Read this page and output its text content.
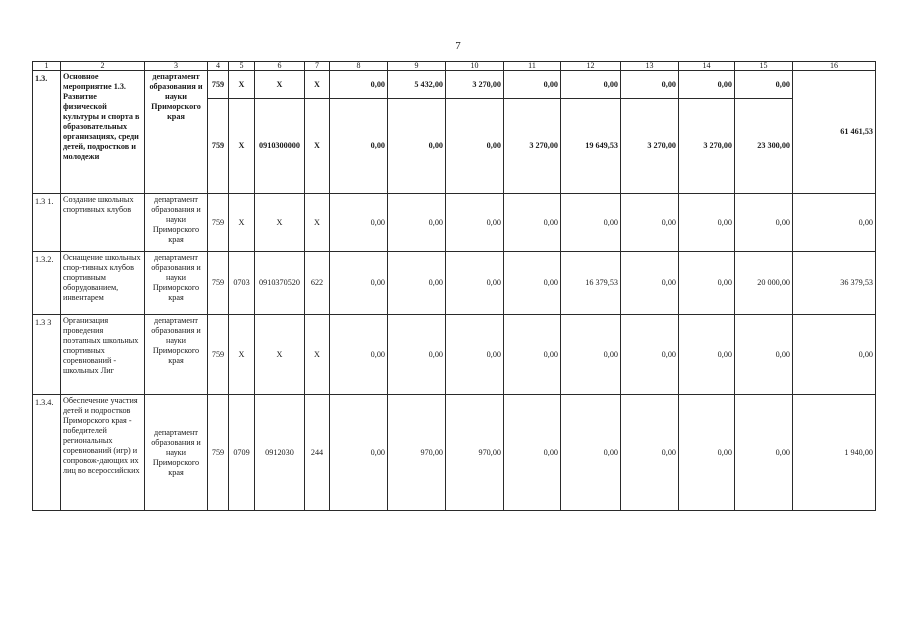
7
1	2	3	4	5	6	7	8	9	10	11	12	13	14	15	16
1.3.	Основное мероприятие 1.3. Развитие физической культуры и спорта в образовательных организациях, среди детей, подростков и молодежи	департамент образования и науки Приморского края	759	X	X	X	0,00	5 432,00	3 270,00	0,00	0,00	0,00	0,00	0,00	61 461,53
			759	X	0910300000	X	0,00	0,00	0,00	3 270,00	19 649,53	3 270,00	3 270,00	23 300,00	
1.3 1.	Создание школьных спортивных клубов	департамент образования и науки Приморского края	759	X	X	X	0,00	0,00	0,00	0,00	0,00	0,00	0,00	0,00	0,00
1.3.2.	Оснащение школьных спор-тивных клубов спортивным оборудованием, инвентарем	департамент образования и науки Приморского края	759	0703	0910370520	622	0,00	0,00	0,00	0,00	16 379,53	0,00	0,00	20 000,00	36 379,53
1.3 3	Организация проведения поэтапных школьных спортивных соревнований - школьных Лиг	департамент образования и науки Приморского края	759	X	X	X	0,00	0,00	0,00	0,00	0,00	0,00	0,00	0,00	0,00
1.3.4.	Обеспечение участия детей и подростков Приморского края - победителей региональных соревнований (игр) и сопровож-дающих их лиц во всероссийских	департамент образования и науки Приморского края	759	0709	0912030	244	0,00	970,00	970,00	0,00	0,00	0,00	0,00	0,00	1 940,00
